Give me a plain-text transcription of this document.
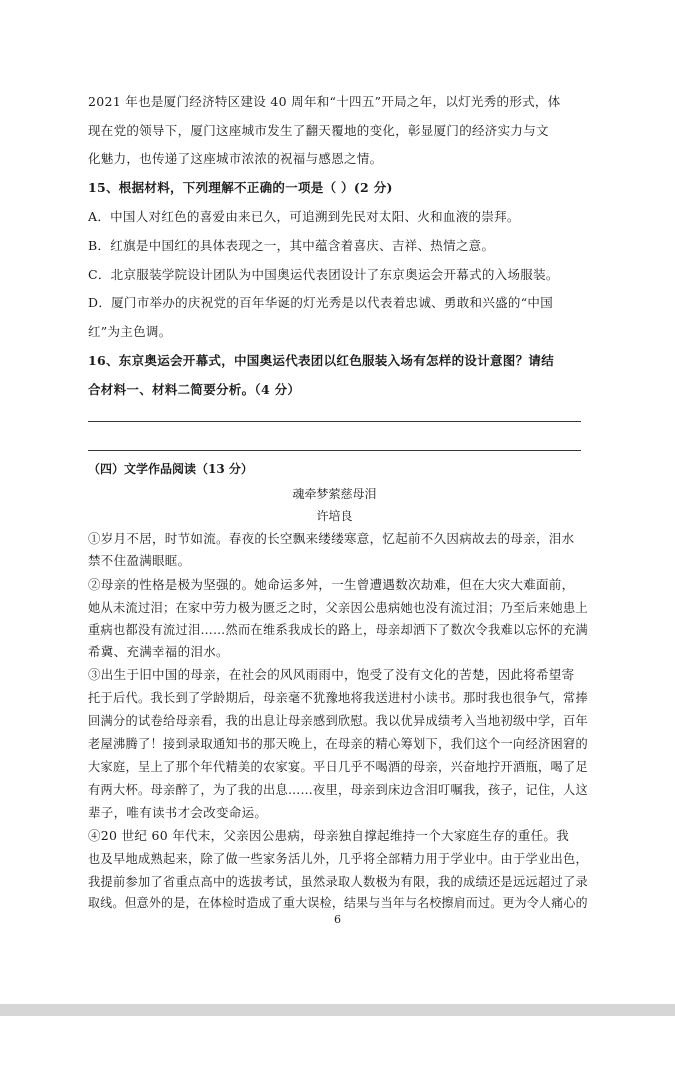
2021 年也是厦门经济特区建设 40 周年和“十四五”开局之年，以灯光秀的形式，体
现在党的领导下，厦门这座城市发生了翻天覆地的变化，彰显厦门的经济实力与文
化魅力，也传递了这座城市浓浓的祝福与感恩之情。
15、根据材料，下列理解不正确的一项是（ ）(2 分)
A．中国人对红色的喜爱由来已久，可追溯到先民对太阳、火和血液的崇拜。
B．红旗是中国红的具体表现之一，其中蕴含着喜庆、吉祥、热情之意。
C．北京服装学院设计团队为中国奥运代表团设计了东京奥运会开幕式的入场服装。
D．厦门市举办的庆祝党的百年华诞的灯光秀是以代表着忠诚、勇敢和兴盛的“中国
红”为主色调。
16、东京奥运会开幕式，中国奥运代表团以红色服装入场有怎样的设计意图？请结
合材料一、材料二简要分析。（4 分）
（四）文学作品阅读（13 分）
魂牵梦萦慈母泪
许培良
①岁月不居，时节如流。春夜的长空飘来缕缕寒意，忆起前不久因病故去的母亲，泪水
禁不住盈满眼眶。
②母亲的性格是极为坚强的。她命运多舛，一生曾遭遇数次劫难，但在大灾大难面前，
她从未流过泪；在家中劳力极为匮乏之时，父亲因公患病她也没有流过泪；乃至后来她患上
重病也都没有流过泪……然而在维系我成长的路上，母亲却洒下了数次令我难以忘怀的充满
希冀、充满幸福的泪水。
③出生于旧中国的母亲，在社会的风风雨雨中，饱受了没有文化的苦楚，因此将希望寄
托于后代。我长到了学龄期后，母亲毫不犹豫地将我送进村小读书。那时我也很争气，常捧
回满分的试卷给母亲看，我的出息让母亲感到欣慰。我以优异成绩考入当地初级中学，百年
老屋沸腾了！接到录取通知书的那天晚上，在母亲的精心筹划下，我们这个一向经济困窘的
大家庭，呈上了那个年代精美的农家宴。平日几乎不喝酒的母亲，兴奋地拧开酒瓶，喝了足
有两大杯。母亲醉了，为了我的出息……夜里，母亲到床边含泪叮嘱我，孩子，记住，人这
辈子，唯有读书才会改变命运。
④20 世纪 60 年代末，父亲因公患病，母亲独自撑起维持一个大家庭生存的重任。我
也及早地成熟起来，除了做一些家务活儿外，几乎将全部精力用于学业中。由于学业出色，
我提前参加了省重点高中的选拔考试，虽然录取人数极为有限，我的成绩还是远远超过了录
取线。但意外的是，在体检时造成了重大误检，结果与当年与名校擦肩而过。更为令人痛心的
6
